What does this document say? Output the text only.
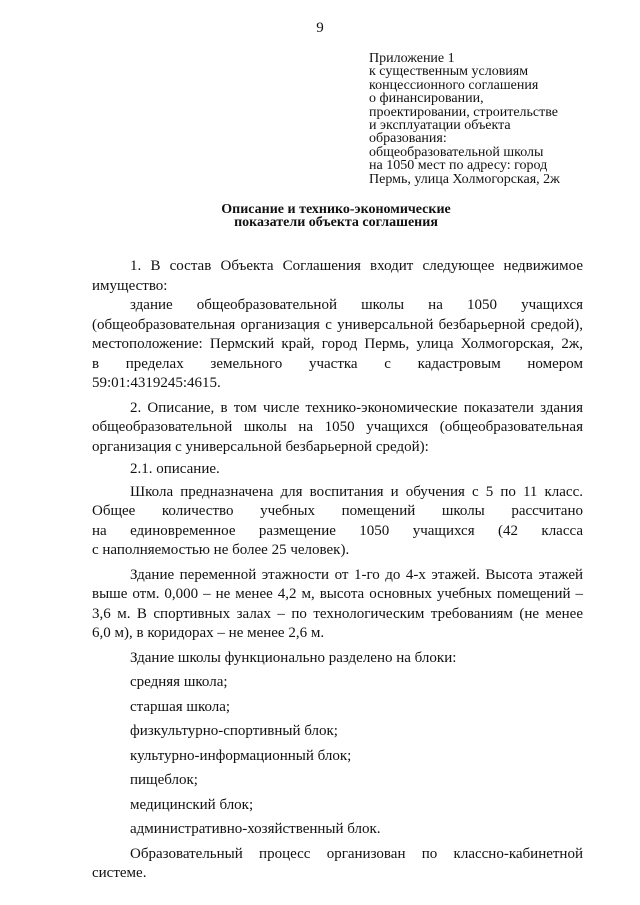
9
Приложение 1
к существенным условиям
концессионного соглашения
о финансировании,
проектировании, строительстве
и эксплуатации объекта
образования:
общеобразовательной школы
на 1050 мест по адресу: город
Пермь, улица Холмогорская, 2ж
Описание и технико-экономические
показатели объекта соглашения
1. В состав Объекта Соглашения входит следующее недвижимое
имущество:
здание общеобразовательной школы на 1050 учащихся
(общеобразовательная организация с универсальной безбарьерной средой),
местоположение: Пермский край, город Пермь, улица Холмогорская, 2ж,
в пределах земельного участка с кадастровым номером
59:01:4319245:4615.
2. Описание, в том числе технико-экономические показатели здания
общеобразовательной школы на 1050 учащихся (общеобразовательная
организация с универсальной безбарьерной средой):
2.1. описание.
Школа предназначена для воспитания и обучения с 5 по 11 класс.
Общее количество учебных помещений школы рассчитано
на единовременное размещение 1050 учащихся (42 класса
с наполняемостью не более 25 человек).
Здание переменной этажности от 1-го до 4-х этажей. Высота этажей
выше отм. 0,000 – не менее 4,2 м, высота основных учебных помещений –
3,6 м. В спортивных залах – по технологическим требованиям (не менее
6,0 м), в коридорах – не менее 2,6 м.
Здание школы функционально разделено на блоки:
средняя школа;
старшая школа;
физкультурно-спортивный блок;
культурно-информационный блок;
пищеблок;
медицинский блок;
административно-хозяйственный блок.
Образовательный процесс организован по классно-кабинетной
системе.
